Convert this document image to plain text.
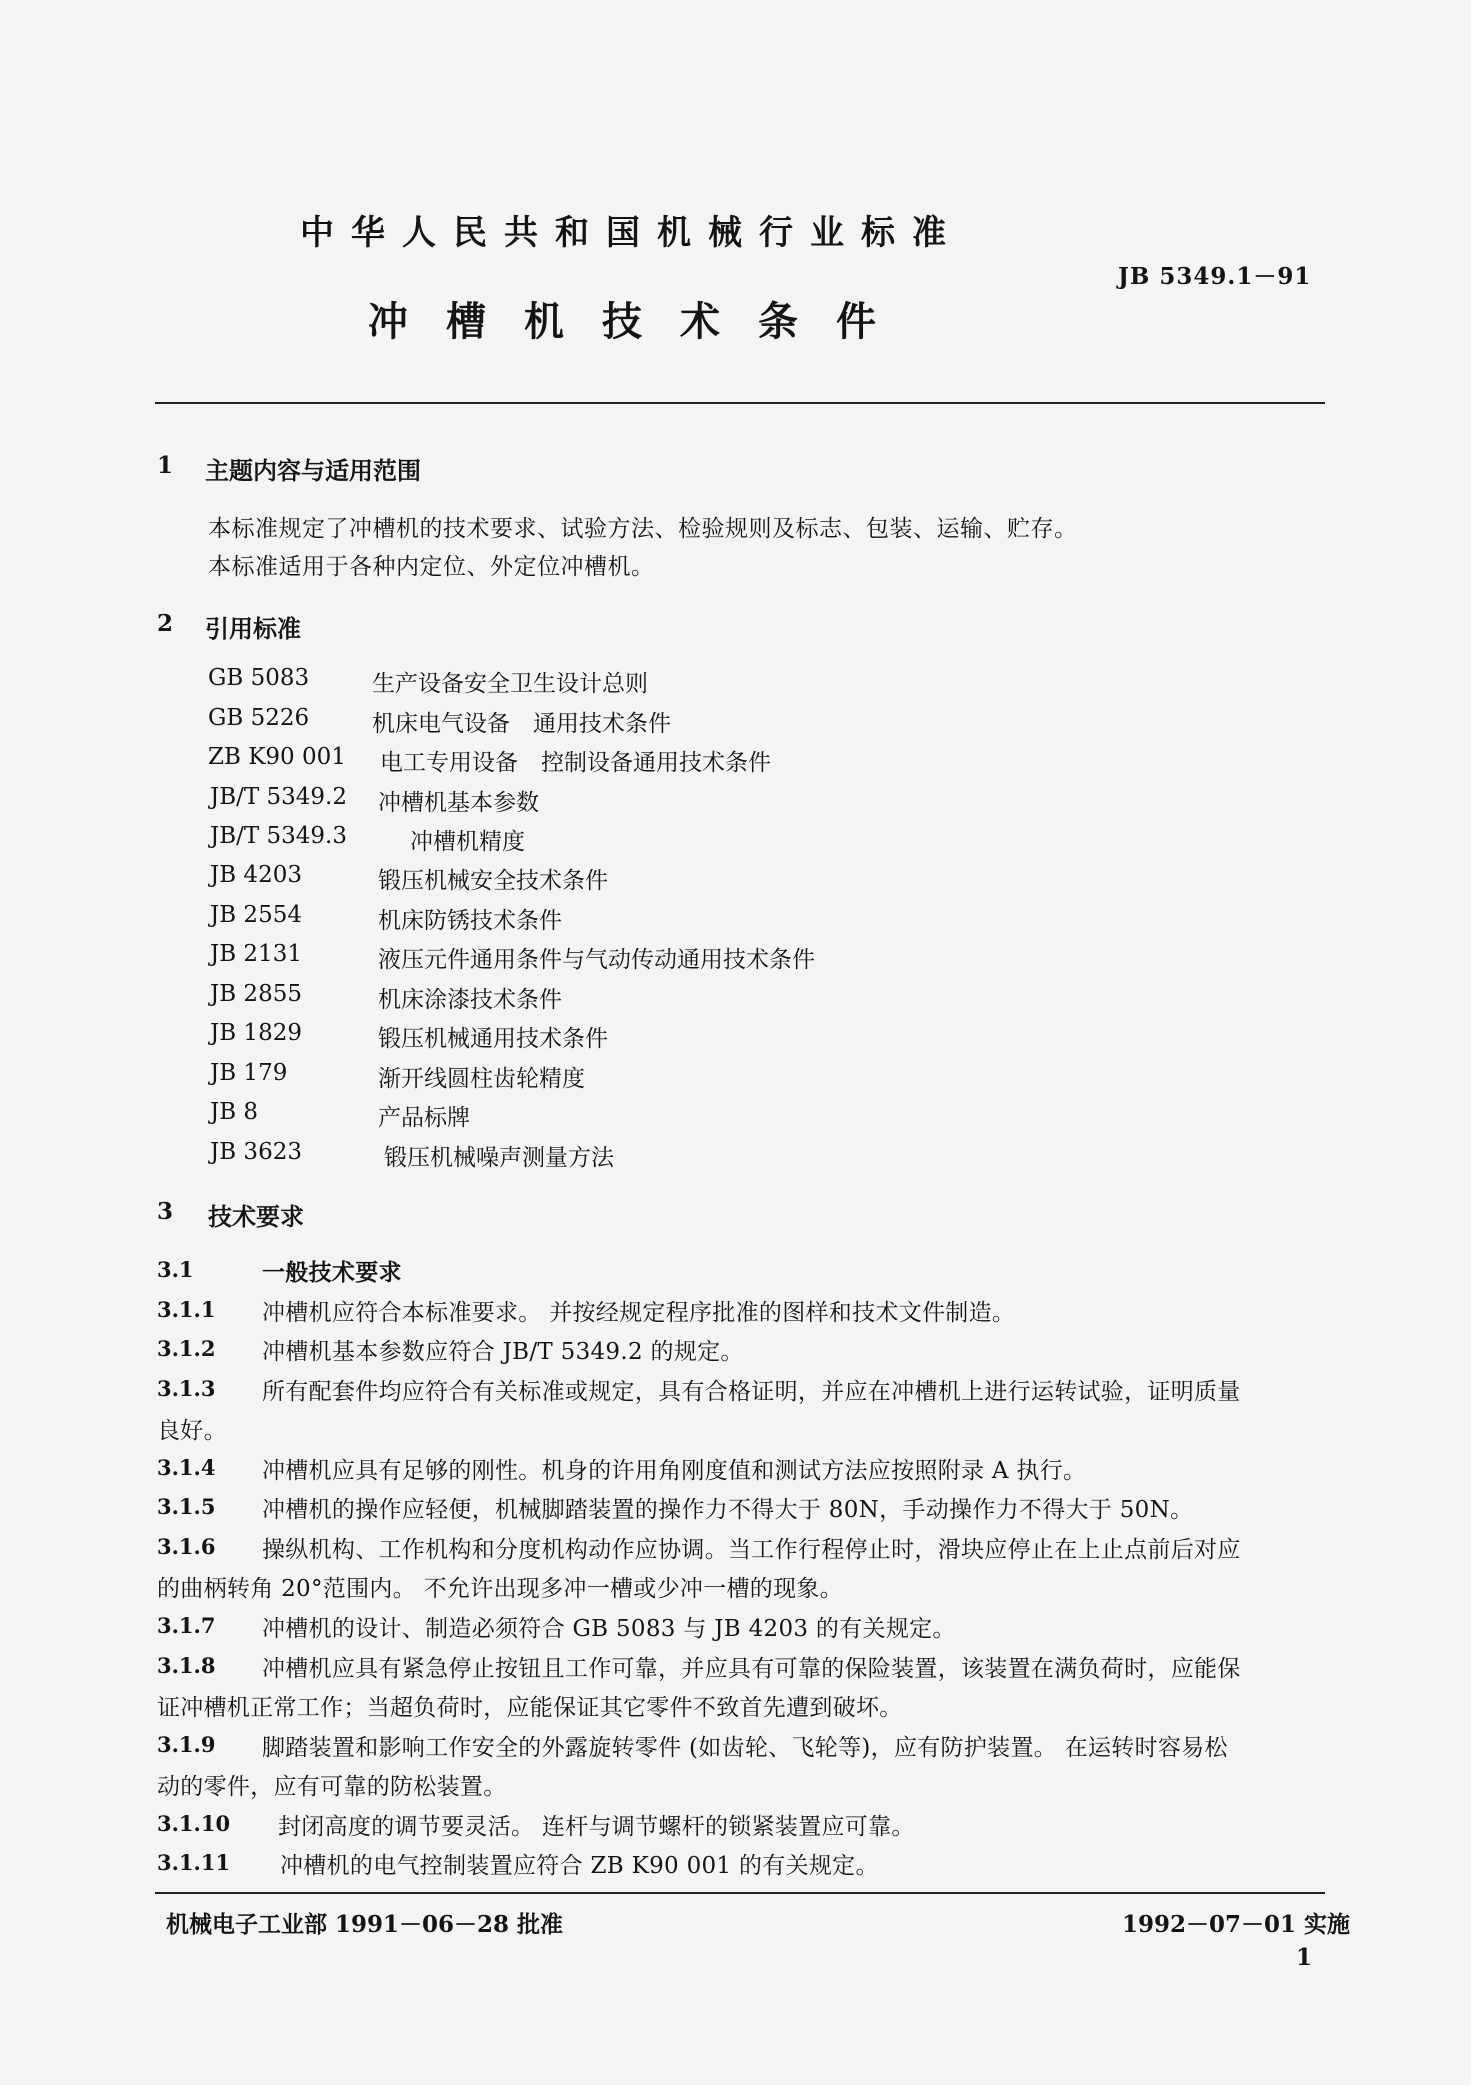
中华人民共和国机械行业标准
JB 5349.1－91
冲槽机技术条件
1 主题内容与适用范围
本标准规定了冲槽机的技术要求、试验方法、检验规则及标志、包装、运输、贮存。
本标准适用于各种内定位、外定位冲槽机。
2 引用标准
GB 5083	生产设备安全卫生设计总则
GB 5226	机床电气设备　通用技术条件
ZB K90 001 电工专用设备　控制设备通用技术条件
JB/T 5349.2 冲槽机基本参数
JB/T 5349.3	冲槽机精度
JB 4203	锻压机械安全技术条件
JB 2554	机床防锈技术条件
JB 2131	液压元件通用条件与气动传动通用技术条件
JB 2855	机床涂漆技术条件
JB 1829	锻压机械通用技术条件
JB 179	渐开线圆柱齿轮精度
JB 8	产品标牌
JB 3623	锻压机械噪声测量方法
3 技术要求
3.1	一般技术要求
3.1.1 冲槽机应符合本标准要求。 并按经规定程序批准的图样和技术文件制造。
3.1.2 冲槽机基本参数应符合 JB/T 5349.2 的规定。
3.1.3 所有配套件均应符合有关标准或规定，具有合格证明，并应在冲槽机上进行运转试验，证明质量
良好。
3.1.4 冲槽机应具有足够的刚性。机身的许用角刚度值和测试方法应按照附录 A 执行。
3.1.5 冲槽机的操作应轻便，机械脚踏装置的操作力不得大于 80N，手动操作力不得大于 50N。
3.1.6 操纵机构、工作机构和分度机构动作应协调。当工作行程停止时，滑块应停止在上止点前后对应
的曲柄转角 20°范围内。 不允许出现多冲一槽或少冲一槽的现象。
3.1.7 冲槽机的设计、制造必须符合 GB 5083 与 JB 4203 的有关规定。
3.1.8 冲槽机应具有紧急停止按钮且工作可靠，并应具有可靠的保险装置，该装置在满负荷时，应能保
证冲槽机正常工作；当超负荷时，应能保证其它零件不致首先遭到破坏。
3.1.9 脚踏装置和影响工作安全的外露旋转零件 (如齿轮、飞轮等)，应有防护装置。 在运转时容易松
动的零件，应有可靠的防松装置。
3.1.10 封闭高度的调节要灵活。 连杆与调节螺杆的锁紧装置应可靠。
3.1.11 冲槽机的电气控制装置应符合 ZB K90 001 的有关规定。
机械电子工业部 1991－06－28 批准	1992－07－01 实施
1
